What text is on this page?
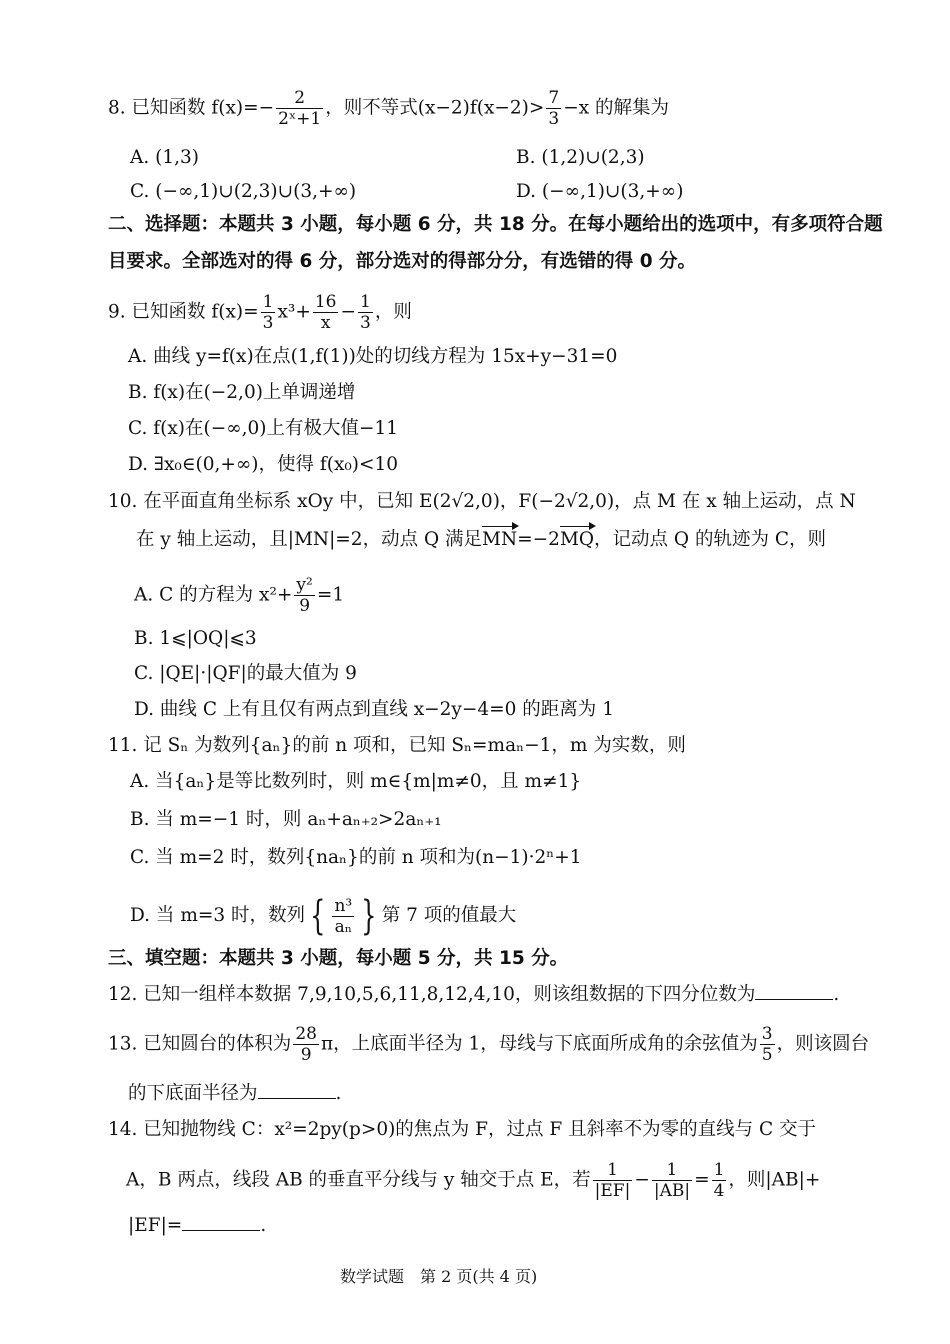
8. 已知函数 $f(x)=- \frac{2}{\text{2ˣ+1}}$ ，则不等式$(x-2)f(x-2)> \frac{7}{3} -x$ 的解集为
A. (1,3)	B. (1,2)∪(2,3)
C. (−∞,1)∪(2,3)∪(3,+∞)	D. (−∞,1)∪(3,+∞)
二、选择题：本题共 3 小题，每小题 6 分，共 18 分。在每小题给出的选项中，有多项符合题
目要求。全部选对的得 6 分，部分选对的得部分分，有选错的得 0 分。
9. 已知函数 $f(x)= \frac{1}{3} x^3+ \frac{16}{x} - \frac{1}{3}$ ，则
A. 曲线 y=f(x)在点(1,f(1))处的切线方程为 15x+y−31=0
B. f(x)在(−2,0)上单调递增
C. f(x)在(−∞,0)上有极大值−11
D. ∃x₀∈(0,+∞)，使得 f(x₀)<10
10. 在平面直角坐标系 xOy 中，已知 E(2√2,0)，F(−2√2,0)，点 M 在 x 轴上运动，点 N
在 y 轴上运动，且|MN|=2，动点 Q 满足MN=−2MQ，记动点 Q 的轨迹为 C，则
A. C 的方程为 $x^2+ \frac{\text{y²}}{9} =1$
B. 1⩽|OQ|⩽3
C. |QE|·|QF|的最大值为 9
D. 曲线 C 上有且仅有两点到直线 x−2y−4=0 的距离为 1
11. 记 Sₙ 为数列{aₙ}的前 n 项和，已知 Sₙ=maₙ−1，m 为实数，则
A. 当{aₙ}是等比数列时，则 m∈{m|m≠0，且 m≠1}
B. 当 m=−1 时，则 aₙ+aₙ₊₂>2aₙ₊₁
C. 当 m=2 时，数列{naₙ}的前 n 项和为(n−1)·2ⁿ+1
D. 当 m=3 时，数列 { $\frac{\text{n³}}{\text{aₙ}}$ } 第 7 项的值最大
三、填空题：本题共 3 小题，每小题 5 分，共 15 分。
12. 已知一组样本数据 7,9,10,5,6,11,8,12,4,10，则该组数据的下四分位数为	.
13. 已知圆台的体积为 $\frac{28}{9}$ π，上底面半径为 1，母线与下底面所成角的余弦值为 $\frac{3}{5}$ ，则该圆台
的下底面半径为	.
14. 已知抛物线 C：x²=2py(p>0)的焦点为 F，过点 F 且斜率不为零的直线与 C 交于
A，B 两点，线段 AB 的垂直平分线与 y 轴交于点 E，若 $\frac{1}{|EF|} - \frac{1}{|AB|} = \frac{1}{4}$ ，则|AB|+
|EF|=	.
数学试题　第 2 页(共 4 页)
